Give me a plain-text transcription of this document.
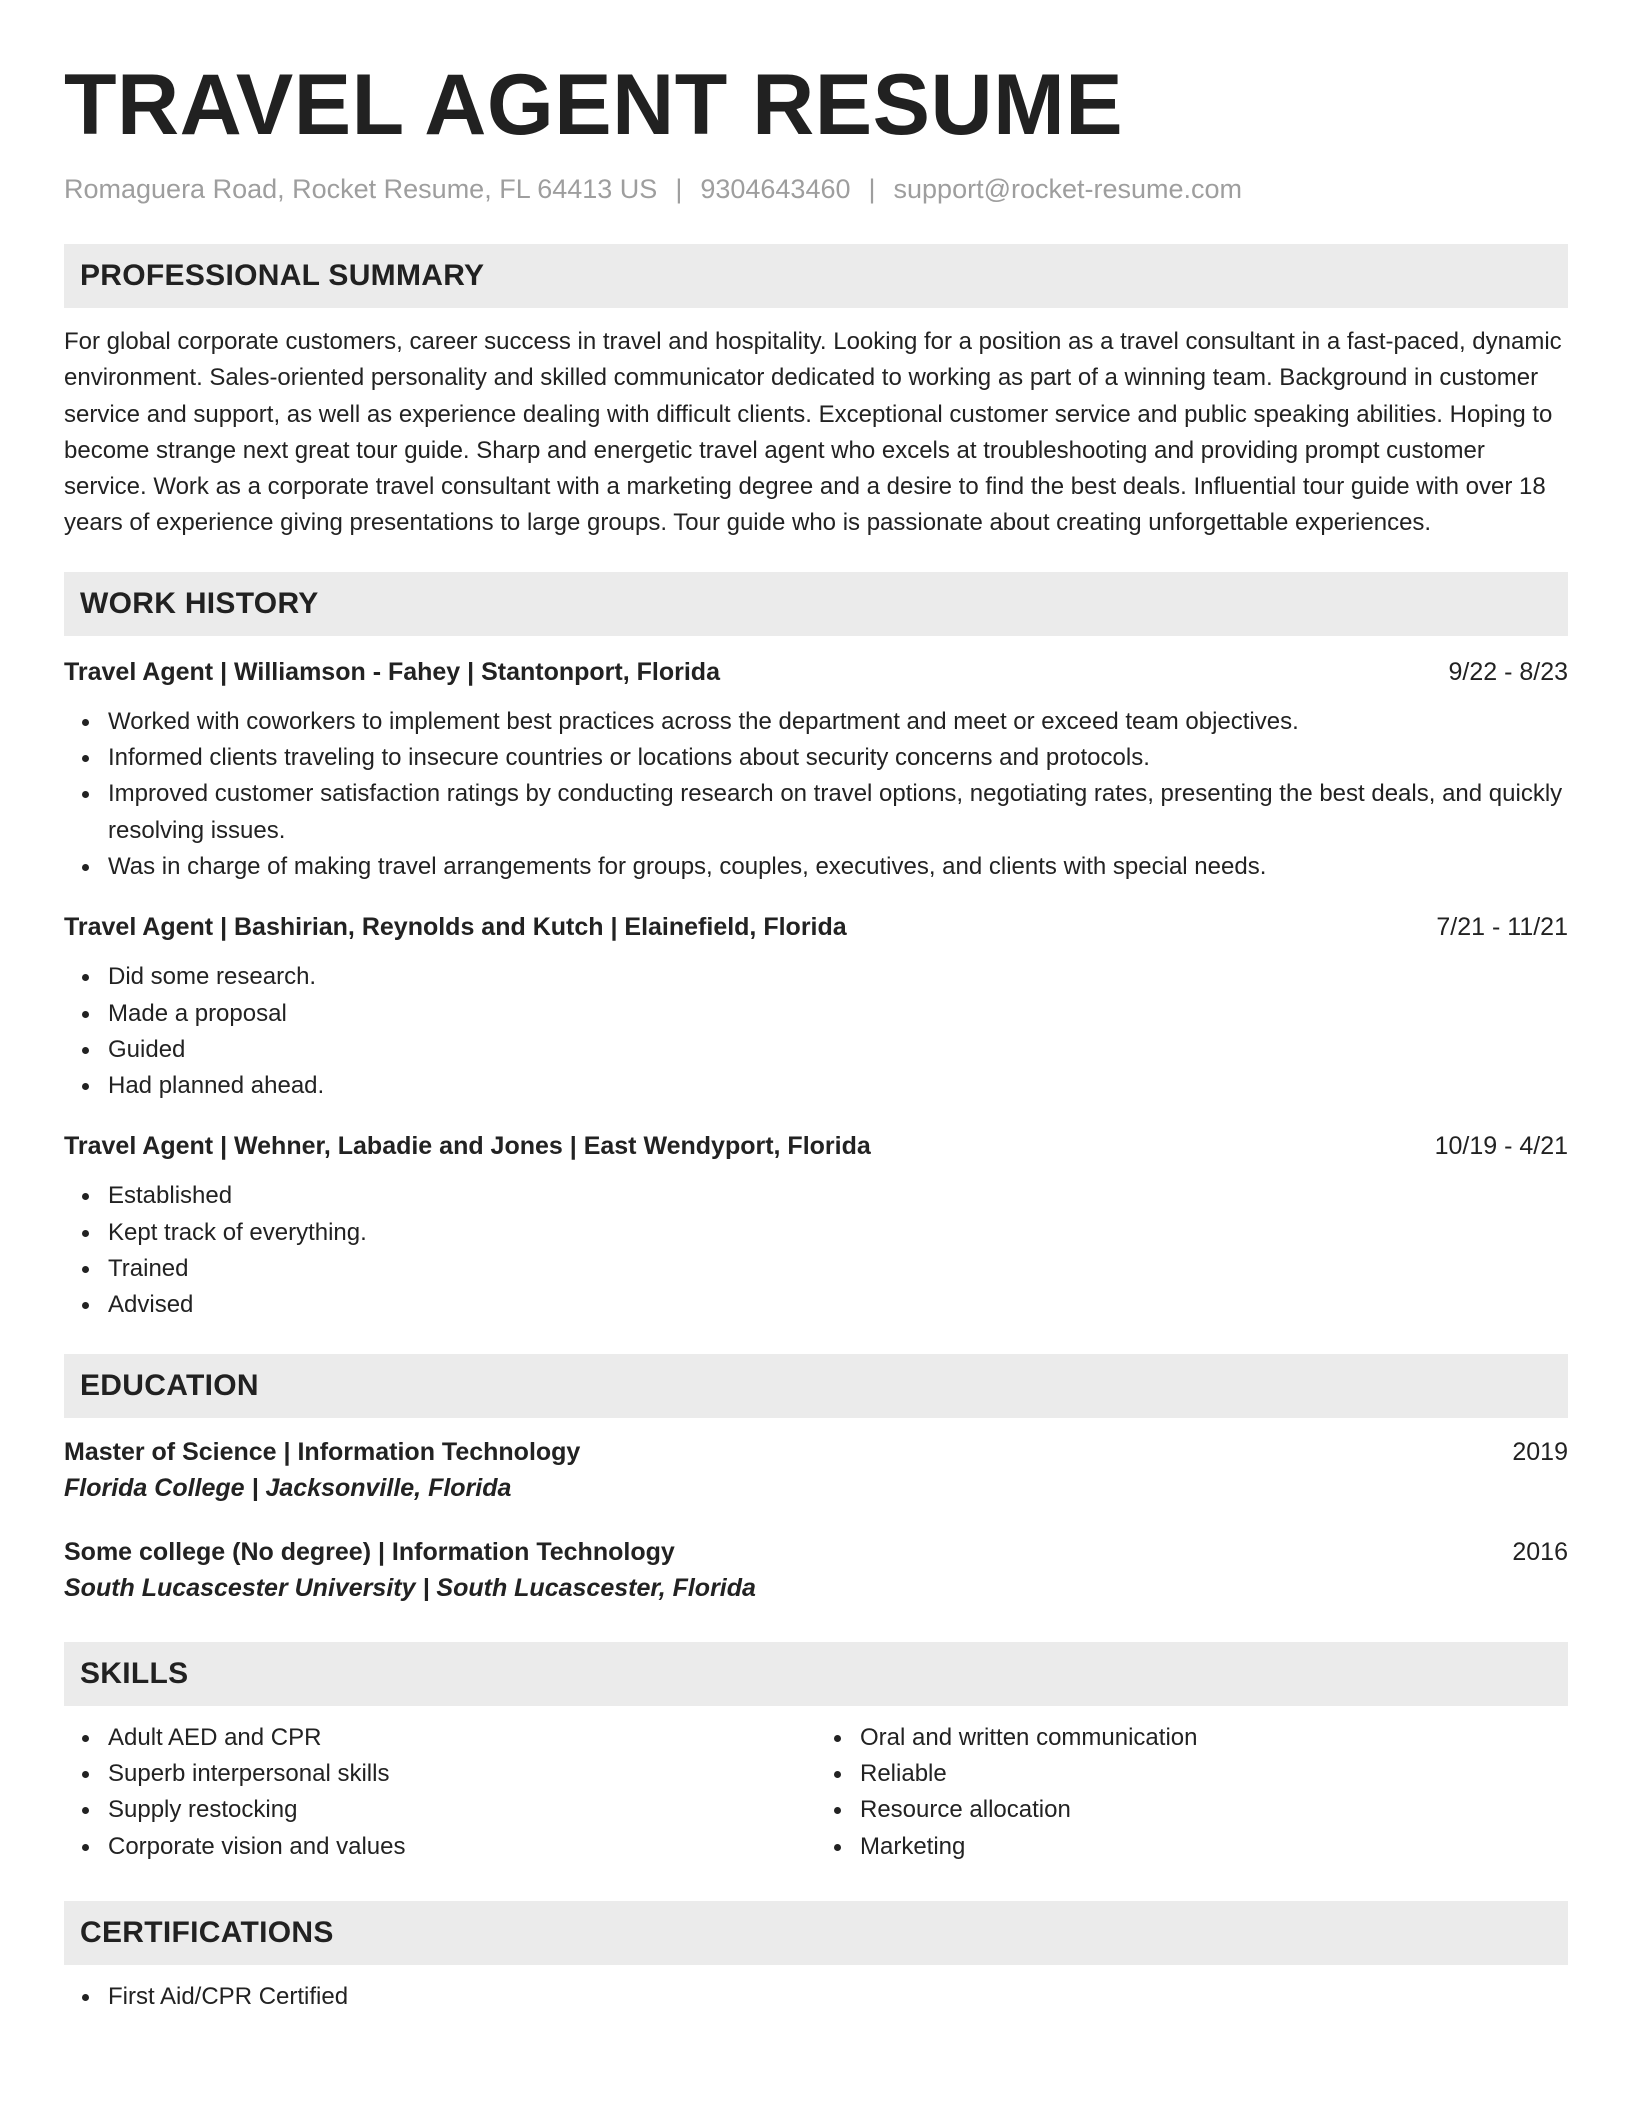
TRAVEL AGENT RESUME
Romaguera Road, Rocket Resume, FL 64413 US | 9304643460 | support@rocket-resume.com
PROFESSIONAL SUMMARY
For global corporate customers, career success in travel and hospitality. Looking for a position as a travel consultant in a fast-paced, dynamic environment. Sales-oriented personality and skilled communicator dedicated to working as part of a winning team. Background in customer service and support, as well as experience dealing with difficult clients. Exceptional customer service and public speaking abilities. Hoping to become strange next great tour guide. Sharp and energetic travel agent who excels at troubleshooting and providing prompt customer service. Work as a corporate travel consultant with a marketing degree and a desire to find the best deals. Influential tour guide with over 18 years of experience giving presentations to large groups. Tour guide who is passionate about creating unforgettable experiences.
WORK HISTORY
Travel Agent | Williamson - Fahey | Stantonport, Florida	9/22 - 8/23
Worked with coworkers to implement best practices across the department and meet or exceed team objectives.
Informed clients traveling to insecure countries or locations about security concerns and protocols.
Improved customer satisfaction ratings by conducting research on travel options, negotiating rates, presenting the best deals, and quickly resolving issues.
Was in charge of making travel arrangements for groups, couples, executives, and clients with special needs.
Travel Agent | Bashirian, Reynolds and Kutch | Elainefield, Florida	7/21 - 11/21
Did some research.
Made a proposal
Guided
Had planned ahead.
Travel Agent | Wehner, Labadie and Jones | East Wendyport, Florida	10/19 - 4/21
Established
Kept track of everything.
Trained
Advised
EDUCATION
Master of Science | Information Technology	2019
Florida College | Jacksonville, Florida
Some college (No degree) | Information Technology	2016
South Lucascester University | South Lucascester, Florida
SKILLS
Adult AED and CPR
Superb interpersonal skills
Supply restocking
Corporate vision and values
Oral and written communication
Reliable
Resource allocation
Marketing
CERTIFICATIONS
First Aid/CPR Certified
